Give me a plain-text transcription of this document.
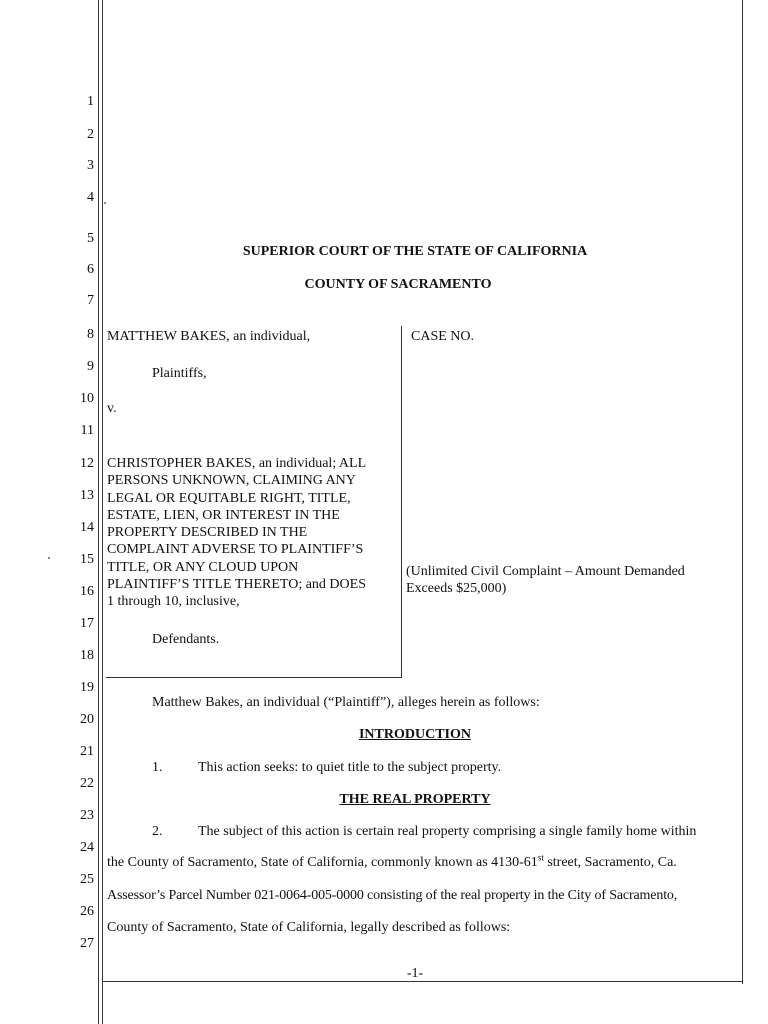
1
2
3
4
5
6
7
8
9
10
11
12
13
14
15
16
17
18
19
20
21
22
23
24
25
26
27
SUPERIOR COURT OF THE STATE OF CALIFORNIA
COUNTY OF SACRAMENTO
MATTHEW BAKES, an individual,
Plaintiffs,
v.
CHRISTOPHER BAKES, an individual; ALL
PERSONS UNKNOWN, CLAIMING ANY
LEGAL OR EQUITABLE RIGHT, TITLE,
ESTATE, LIEN, OR INTEREST IN THE
PROPERTY DESCRIBED IN THE
COMPLAINT ADVERSE TO PLAINTIFF’S
TITLE, OR ANY CLOUD UPON
PLAINTIFF’S TITLE THERETO; and DOES
1 through 10, inclusive,
Defendants.
CASE NO.
(Unlimited Civil Complaint – Amount Demanded
Exceeds $25,000)
Matthew Bakes, an individual (“Plaintiff”), alleges herein as follows:
INTRODUCTION
1.	This action seeks: to quiet title to the subject property.
THE REAL PROPERTY
2.	The subject of this action is certain real property comprising a single family home within
the County of Sacramento, State of California, commonly known as 4130-61st street, Sacramento, Ca.
Assessor’s Parcel Number 021-0064-005-0000 consisting of the real property in the City of Sacramento,
County of Sacramento, State of California, legally described as follows:
-1-
